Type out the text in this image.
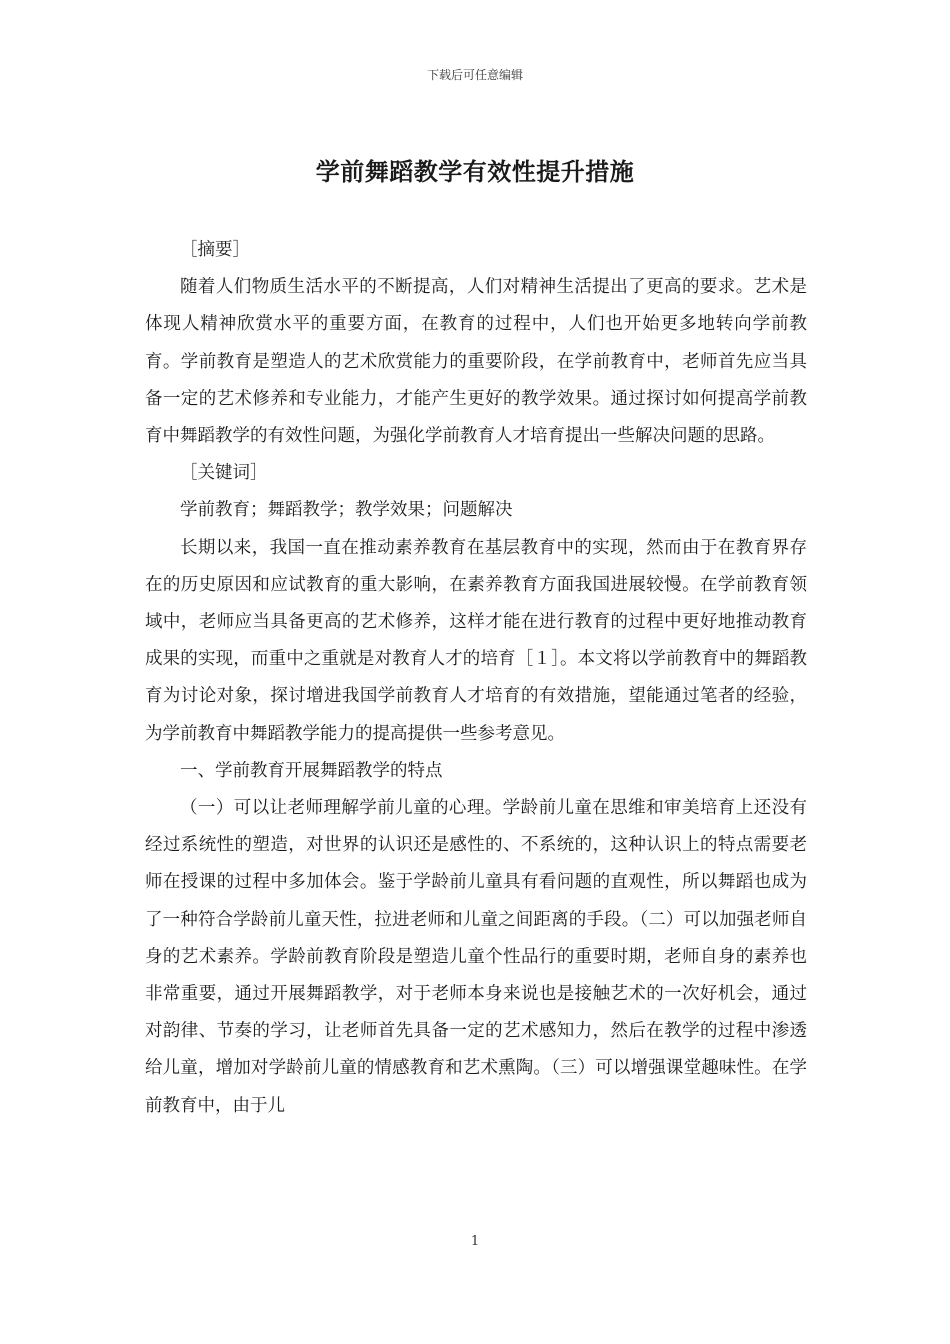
下载后可任意编辑
学前舞蹈教学有效性提升措施

［摘要］

随着人们物质生活水平的不断提高，人们对精神生活提出了更高的要求。艺术是体现人精神欣赏水平的重要方面，在教育的过程中，人们也开始更多地转向学前教育。学前教育是塑造人的艺术欣赏能力的重要阶段，在学前教育中，老师首先应当具备一定的艺术修养和专业能力，才能产生更好的教学效果。通过探讨如何提高学前教育中舞蹈教学的有效性问题，为强化学前教育人才培育提出一些解决问题的思路。

［关键词］

学前教育；舞蹈教学；教学效果；问题解决

长期以来，我国一直在推动素养教育在基层教育中的实现，然而由于在教育界存在的历史原因和应试教育的重大影响，在素养教育方面我国进展较慢。在学前教育领域中，老师应当具备更高的艺术修养，这样才能在进行教育的过程中更好地推动教育成果的实现，而重中之重就是对教育人才的培育［１］。本文将以学前教育中的舞蹈教育为讨论对象，探讨增进我国学前教育人才培育的有效措施，望能通过笔者的经验，为学前教育中舞蹈教学能力的提高提供一些参考意见。

一、学前教育开展舞蹈教学的特点

（一）可以让老师理解学前儿童的心理。学龄前儿童在思维和审美培育上还没有经过系统性的塑造，对世界的认识还是感性的、不系统的，这种认识上的特点需要老师在授课的过程中多加体会。鉴于学龄前儿童具有看问题的直观性，所以舞蹈也成为了一种符合学龄前儿童天性，拉进老师和儿童之间距离的手段。（二）可以加强老师自身的艺术素养。学龄前教育阶段是塑造儿童个性品行的重要时期，老师自身的素养也非常重要，通过开展舞蹈教学，对于老师本身来说也是接触艺术的一次好机会，通过对韵律、节奏的学习，让老师首先具备一定的艺术感知力，然后在教学的过程中渗透给儿童，增加对学龄前儿童的情感教育和艺术熏陶。（三）可以增强课堂趣味性。在学前教育中，由于儿

1
